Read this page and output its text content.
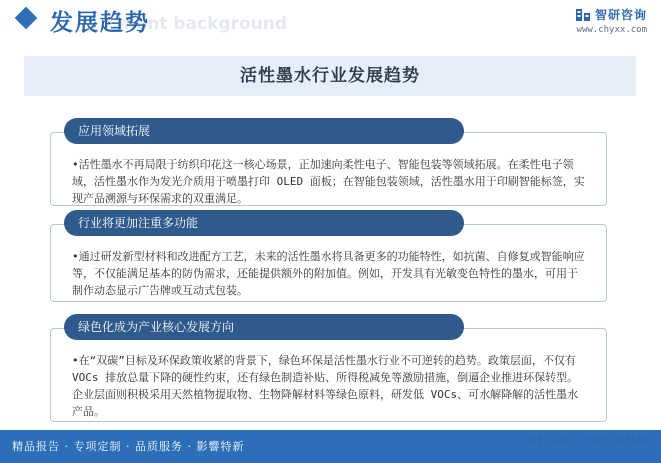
ment background
发展趋势	智研咨询
www.chyxx.com
活性墨水行业发展趋势
应用领域拓展
•活性墨水不再局限于纺织印花这一核心场景，正加速向柔性电子、智能包装等领域拓展。在柔性电子领域，活性墨水作为发光介质用于喷墨打印 OLED 面板；在智能包装领域，活性墨水用于印刷智能标签，实现产品溯源与环保需求的双重满足。
行业将更加注重多功能
•通过研发新型材料和改进配方工艺，未来的活性墨水将具备更多的功能特性，如抗菌、自修复或智能响应等，不仅能满足基本的防伪需求，还能提供额外的附加值。例如，开发具有光敏变色特性的墨水，可用于制作动态显示广告牌或互动式包装。
绿色化成为产业核心发展方向
•在“双碳”目标及环保政策收紧的背景下，绿色环保是活性墨水行业不可逆转的趋势。政策层面，不仅有 VOCs 排放总量下降的硬性约束，还有绿色制造补贴、所得税减免等激励措施，倒逼企业推进环保转型。企业层面则积极采用天然植物提取物、生物降解材料等绿色原料，研发低 VOCs、可水解降解的活性墨水产品。
精品报告 · 专项定制 · 品质服务 · 影響特新
